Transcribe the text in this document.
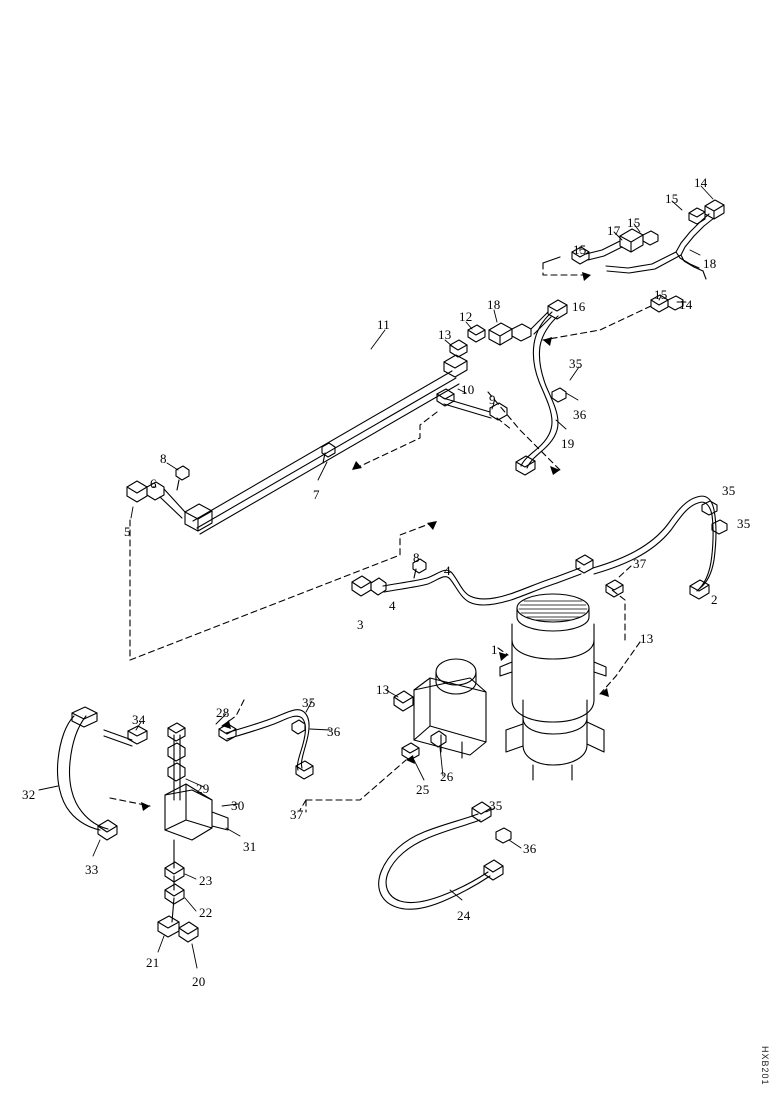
14
15
17
15
15
18
15
14
18	16
12
13
11
35
10
9
36
19
7
8
6
5
35
35
37
2
13
8
4
4
3
1
13
35
36
28
34
32
33
29
30
31
23
22
21
20
37
25
26
35
36
24
HXB201
